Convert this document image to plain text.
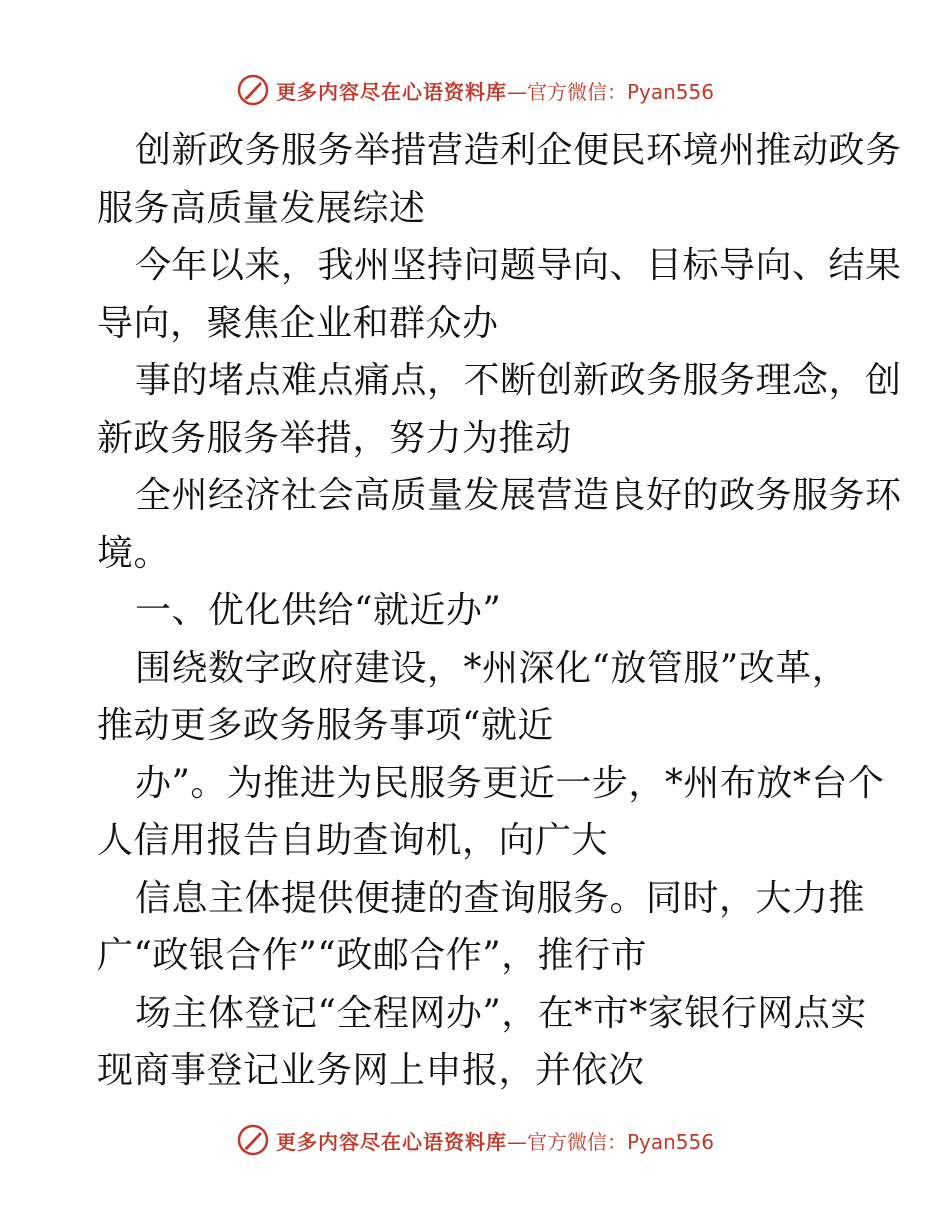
更多内容尽在心语资料库 —官方微信：Pyan556
创新政务服务举措营造利企便民环境州推动政务
服务高质量发展综述
今年以来，我州坚持问题导向、目标导向、结果
导向，聚焦企业和群众办
事的堵点难点痛点，不断创新政务服务理念，创
新政务服务举措，努力为推动
全州经济社会高质量发展营造良好的政务服务环
境。
一、优化供给“就近办”
围绕数字政府建设，*州深化“放管服”改革，
推动更多政务服务事项“就近
办”。为推进为民服务更近一步，*州布放*台个
人信用报告自助查询机，向广大
信息主体提供便捷的查询服务。同时，大力推
广“政银合作”“政邮合作”，推行市
场主体登记“全程网办”，在*市*家银行网点实
现商事登记业务网上申报，并依次
更多内容尽在心语资料库 —官方微信：Pyan556
